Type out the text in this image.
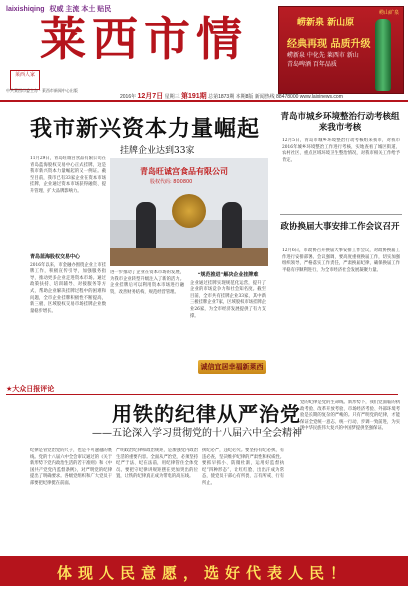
laixishiqing 权威 主流 本土 贴民
莱西市情
莱西人家
中共莱西市委主办 · 莱西市新闻中心出版
2016年 12月7日 星期三 第191期 总第1873期 本期8版 新闻热线 88478000 www.laixinews.com
崂山矿泉
崂新泉 新山原
经典再现 品质升级
崂新泉 中化先 莱西市 新山 青岛啤酒 百年品质
我市新兴资本力量崛起
挂牌企业达到33家

11月29日，青岛旺诚宫食品有限公司在青岛蓝海股权交易中心正式挂牌，这是我市新兴资本力量崛起的又一例证。截至目前，我市已有33家企业在资本市场挂牌，企业通过资本市场获得融资、提升管理、扩大品牌影响力。

青岛蓝海股权交易中心

2016年以来，市金融办围绕企业上市挂牌工作，积极宣传引导，加强服务指导，推动更多企业走进资本市场。通过政策扶持、培训辅导、对接服务等方式，帮助企业解决挂牌过程中的困难和问题，全市企业挂牌积极性不断提高，新三板、区域股权交易市场挂牌企业数量稳步增长。

青岛旺诚宫食品有限公司
股权代码: 800800

进一步推动了企业在资本市场的发展，为我市企业转型升级注入了新的活力。企业挂牌后可以利用资本市场进行融资，改善财务结构，规范经营管理。

“规范推进”解决企业挂牌难

企业通过挂牌实现规范化运营，提升了企业的市场竞争力和社会知名度。截至目前，全市共有挂牌企业33家，其中新三板挂牌企业7家，区域股权市场挂牌企业26家，为全市经济发展提供了有力支撑。

诚信宜居幸福新莱西
青岛市城乡环境整治行动考核组来我市考核

12月5日，青岛市城乡环境整治行动考核组来我市，对我市2016年城乡环境整治工作进行考核，实地查看了城区街道、农村社区、重点区域环境卫生整治情况，对我市相关工作给予肯定。

政协换届大事安排工作会议召开

12月6日，市政协召开换届大事安排工作会议，对政协换届工作进行安排部署。会议强调，要高度重视换届工作，切实加强组织领导，严格落实工作责任，严肃换届纪律，确保换届工作平稳有序顺利进行，为全市经济社会发展凝聚力量。

★大众日报评论
用铁的纪律从严治党
——五论深入学习贯彻党的十八届六中全会精神

纪律是管党治党的尺子，也是不可逾越的底线。党的十八届六中全会审议通过的《关于新形势下党内政治生活的若干准则》和《中国共产党党内监督条例》，对严明党的纪律提出了明确要求。各级党组织和广大党员干部要把纪律挺在前面。

严明政治纪律和政治规矩，是加强党内政治生活的重要内容。全面从严治党，必须坚持纪严于法、纪在法前，用纪律管住全体党员。要把守纪律讲规矩摆在更加突出的位置，让铁的纪律真正成为带电的高压线。

执纪必严，违纪必究。要坚持有纪必执、有违必查，坚决维护纪律的严肃性和权威性。要抓早抓小、防微杜渐，运用好监督执纪“四种形态”，让红红脸、出出汗成为常态，使党员干部心有所畏、言有所戒、行有所止。

党的纪律是党的生命线。新形势下，我们党面临的执政考验、改革开放考验、市场经济考验、外部环境考验是长期的复杂的严峻的。只有严明党的纪律，才能保证全党统一意志、统一行动、步调一致前进，为实现中华民族伟大复兴的中国梦提供坚强保证。

体现人民意愿，选好代表人民！
